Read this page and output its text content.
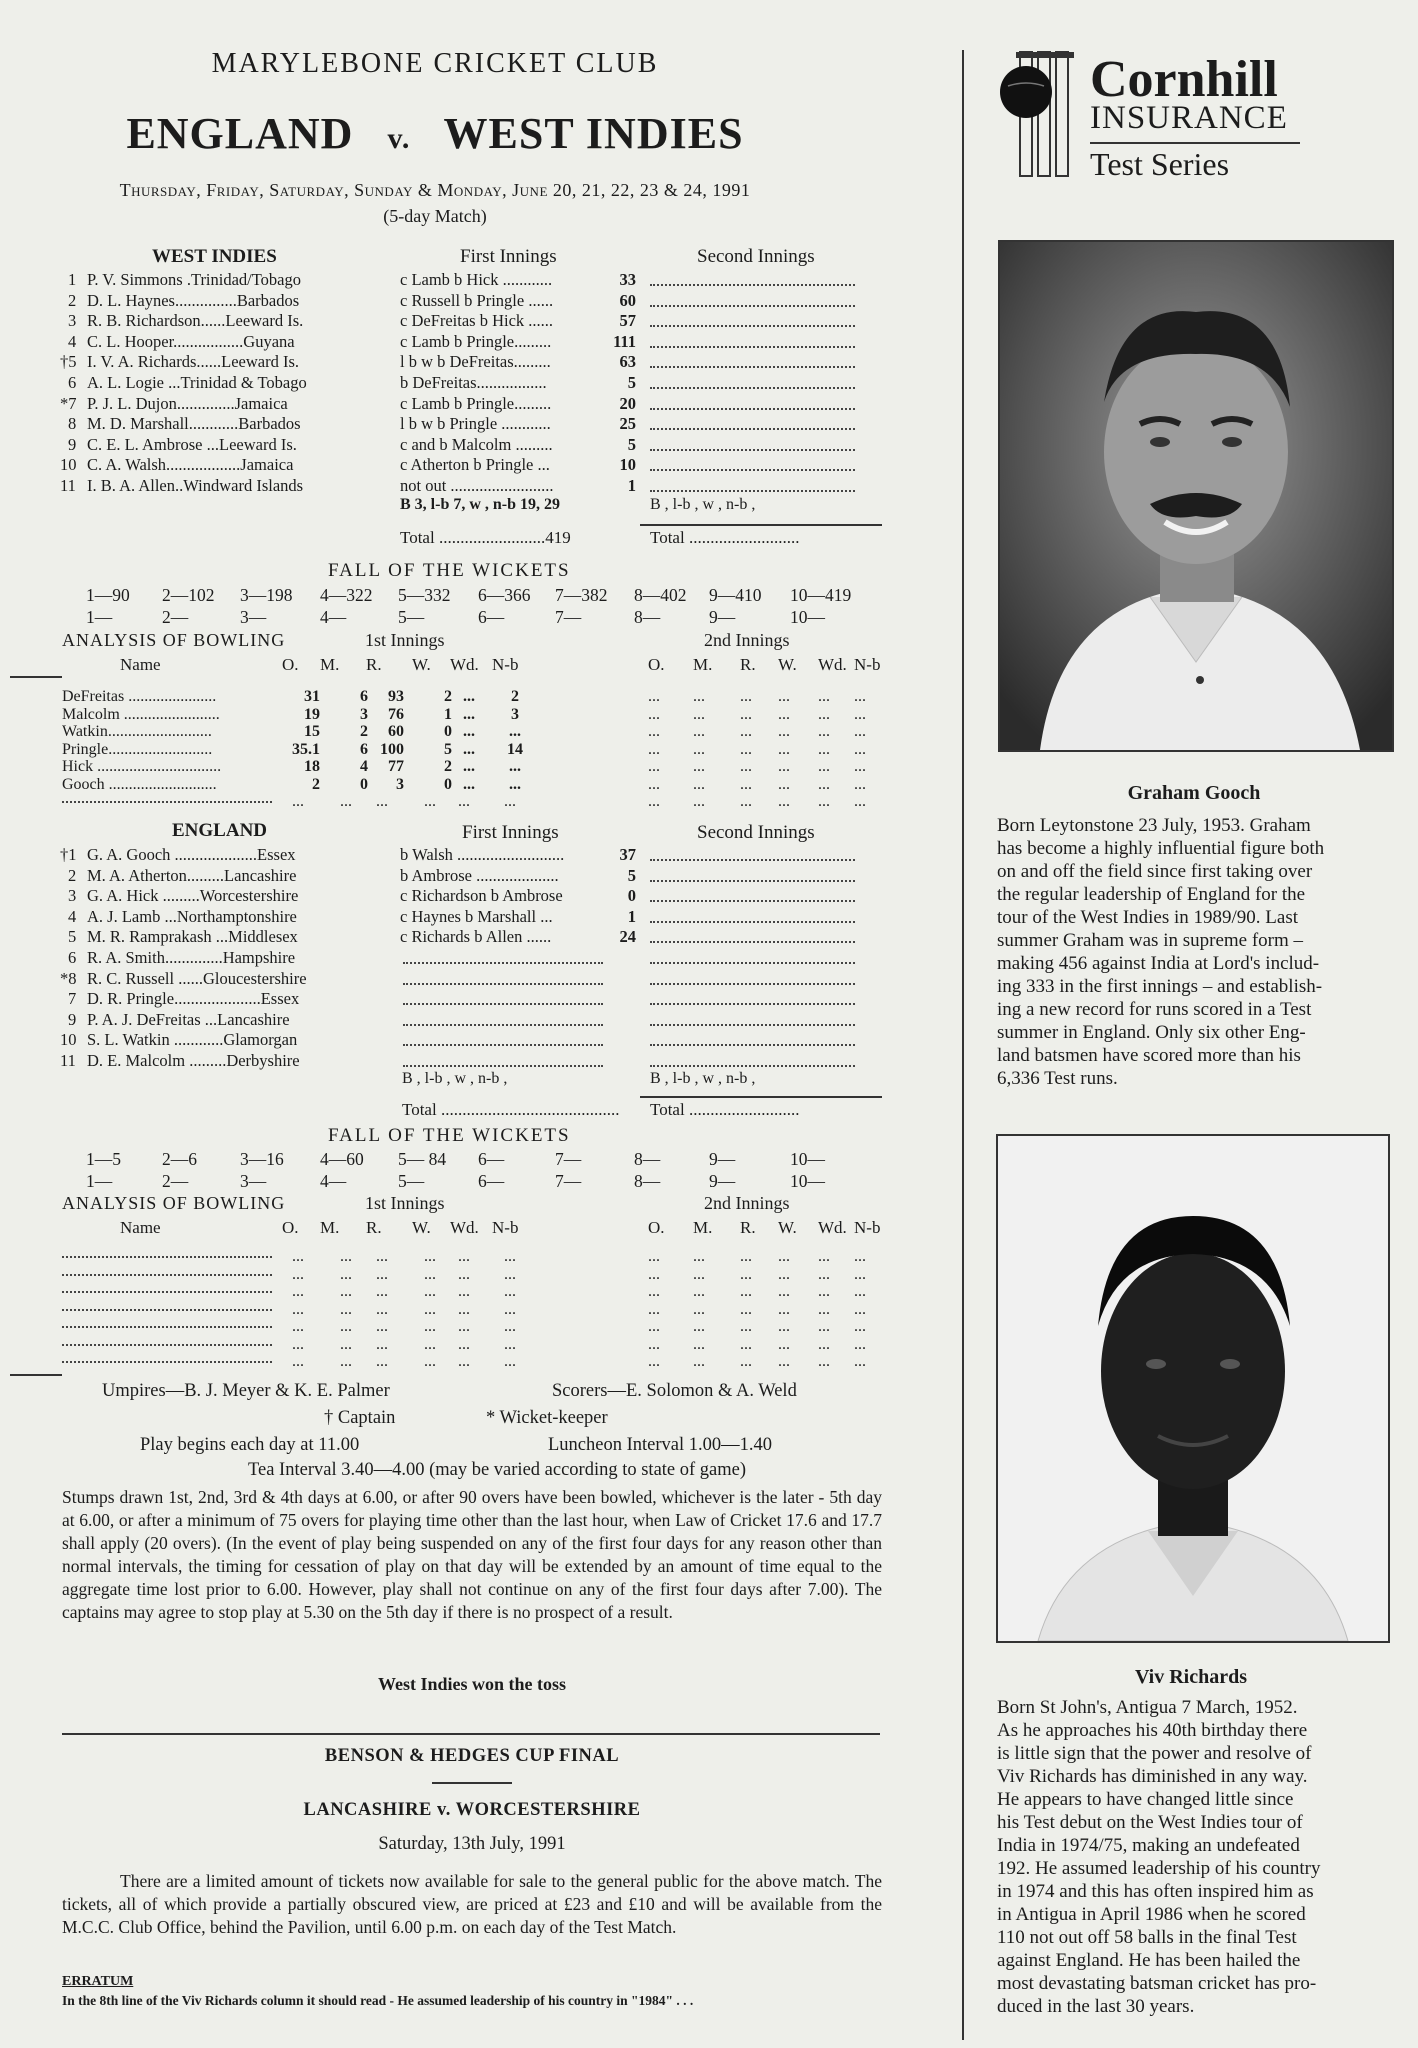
MARYLEBONE CRICKET CLUB
ENGLAND v. WEST INDIES
Thursday, Friday, Saturday, Sunday & Monday, June 20, 21, 22, 23 & 24, 1991
(5-day Match)
Cornhill
INSURANCE
Test Series
WEST INDIES	First Innings	Second Innings
1 P. V. Simmons .Trinidad/Tobago	c Lamb b Hick ............	33
2 D. L. Haynes...............Barbados	c Russell b Pringle ......	60
3 R. B. Richardson......Leeward Is.	c DeFreitas b Hick ......	57
4 C. L. Hooper.................Guyana	c Lamb b Pringle.........	111
†5 I. V. A. Richards......Leeward Is.	l b w b DeFreitas.........	63
6 A. L. Logie ...Trinidad & Tobago	b DeFreitas.................	5
*7 P. J. L. Dujon..............Jamaica	c Lamb b Pringle.........	20
8 M. D. Marshall............Barbados	l b w b Pringle ............	25
9 C. E. L. Ambrose ...Leeward Is.	c and b Malcolm .........	5
10 C. A. Walsh..................Jamaica	c Atherton b Pringle ...	10
11 I. B. A. Allen..Windward Islands	not out .........................	1
B 3, l-b 7, w , n-b 19, 29	B , l-b , w , n-b ,
Total .........................419	Total ..........................
FALL OF THE WICKETS
1—90 2—102 3—198 4—322 5—332 6—366 7—382 8—402 9—410 10—419
1—	2—	3—	4—	5—	6—	7—	8—	9—	10—
ANALYSIS OF BOWLING	1st Innings	2nd Innings
Name	O. M. R. W. Wd. N-b	O. M. R. W. Wd. N-b
DeFreitas ......................	31	6	93	2 ...	2	... ... ... ... ... ...
Malcolm ........................	19	3	76	1 ...	3	... ... ... ... ... ...
Watkin..........................	15	2	60	0 ...	...	... ... ... ... ... ...
Pringle..........................	35.1	6 100	5 ...	14	... ... ... ... ... ...
Hick ...............................	18	4	77	2 ...	...	... ... ... ... ... ...
Gooch ...........................	2	0	3	0 ...	...	... ... ... ... ... ...
... ... ... ... ... ...	... ... ... ... ... ...
ENGLAND	First Innings	Second Innings
†1 G. A. Gooch ....................Essex	b Walsh ..........................	37
2 M. A. Atherton.........Lancashire	b Ambrose ....................	5
3 G. A. Hick .........Worcestershire	c Richardson b Ambrose	0
4 A. J. Lamb ...Northamptonshire	c Haynes b Marshall ...	1
5 M. R. Ramprakash ...Middlesex	c Richards b Allen ......	24
6 R. A. Smith..............Hampshire
*8 R. C. Russell ......Gloucestershire
7 D. R. Pringle.....................Essex
9 P. A. J. DeFreitas ...Lancashire
10 S. L. Watkin ............Glamorgan
11 D. E. Malcolm .........Derbyshire
B , l-b , w , n-b ,	B , l-b , w , n-b ,
Total .......................................... Total ..........................
FALL OF THE WICKETS
1—5 2—6 3—16 4—60 5— 84 6—	7—	8—	9—	10—
1—	2—	3—	4—	5—	6—	7—	8—	9—	10—
ANALYSIS OF BOWLING	1st Innings	2nd Innings
Name	O. M. R. W. Wd. N-b	O. M. R. W. Wd. N-b
... ... ... ... ... ...	... ... ... ... ... ...
... ... ... ... ... ...	... ... ... ... ... ...
... ... ... ... ... ...	... ... ... ... ... ...
... ... ... ... ... ...	... ... ... ... ... ...
... ... ... ... ... ...	... ... ... ... ... ...
... ... ... ... ... ...	... ... ... ... ... ...
... ... ... ... ... ...	... ... ... ... ... ...
Umpires—B. J. Meyer & K. E. Palmer	Scorers—E. Solomon & A. Weld
† Captain	* Wicket-keeper
Play begins each day at 11.00	Luncheon Interval 1.00—1.40
Tea Interval 3.40—4.00 (may be varied according to state of game)
Stumps drawn 1st, 2nd, 3rd & 4th days at 6.00, or after 90 overs have been bowled, whichever is the later - 5th day at 6.00, or after a minimum of 75 overs for playing time other than the last hour, when Law of Cricket 17.6 and 17.7 shall apply (20 overs). (In the event of play being suspended on any of the first four days for any reason other than normal intervals, the timing for cessation of play on that day will be extended by an amount of time equal to the aggregate time lost prior to 6.00. However, play shall not continue on any of the first four days after 7.00). The captains may agree to stop play at 5.30 on the 5th day if there is no prospect of a result.
West Indies won the toss
BENSON & HEDGES CUP FINAL
LANCASHIRE v. WORCESTERSHIRE
Saturday, 13th July, 1991
There are a limited amount of tickets now available for sale to the general public for the above match. The tickets, all of which provide a partially obscured view, are priced at £23 and £10 and will be available from the M.C.C. Club Office, behind the Pavilion, until 6.00 p.m. on each day of the Test Match.
ERRATUM
In the 8th line of the Viv Richards column it should read - He assumed leadership of his country in "1984" . . .
Graham Gooch
Born Leytonstone 23 July, 1953. Graham
has become a highly influential figure both
on and off the field since first taking over
the regular leadership of England for the
tour of the West Indies in 1989/90. Last
summer Graham was in supreme form –
making 456 against India at Lord's includ-
ing 333 in the first innings – and establish-
ing a new record for runs scored in a Test
summer in England. Only six other Eng-
land batsmen have scored more than his
6,336 Test runs.
Viv Richards
Born St John's, Antigua 7 March, 1952.
As he approaches his 40th birthday there
is little sign that the power and resolve of
Viv Richards has diminished in any way.
He appears to have changed little since
his Test debut on the West Indies tour of
India in 1974/75, making an undefeated
192. He assumed leadership of his country
in 1974 and this has often inspired him as
in Antigua in April 1986 when he scored
110 not out off 58 balls in the final Test
against England. He has been hailed the
most devastating batsman cricket has pro-
duced in the last 30 years.
